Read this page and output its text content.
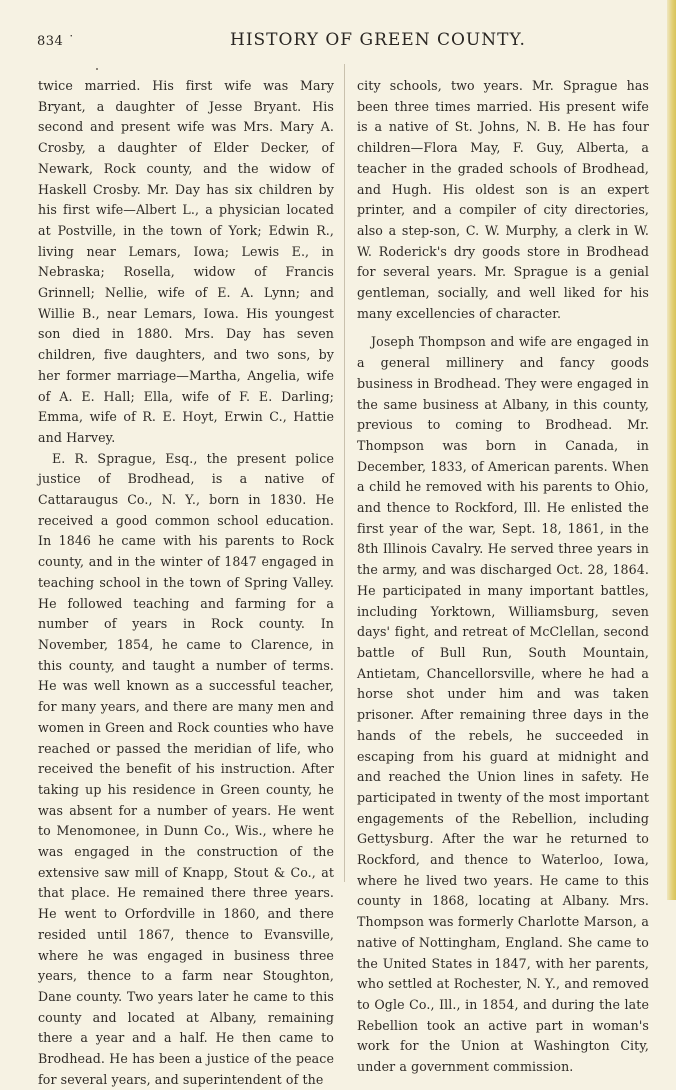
834 ˙	HISTORY OF GREEN COUNTY.

twice married. His first wife was Mary Bryant, a daughter of Jesse Bryant. His second and present wife was Mrs. Mary A. Crosby, a daughter of Elder Decker, of Newark, Rock county, and the widow of Haskell Crosby. Mr. Day has six children by his first wife—Albert L., a physician located at Postville, in the town of York; Edwin R., living near Lemars, Iowa; Lewis E., in Nebraska; Rosella, widow of Francis Grinnell; Nellie, wife of E. A. Lynn; and Willie B., near Lemars, Iowa. His youngest son died in 1880. Mrs. Day has seven children, five daughters, and two sons, by her former marriage—Martha, Angelia, wife of A. E. Hall; Ella, wife of F. E. Darling; Emma, wife of R. E. Hoyt, Erwin C., Hattie and Harvey.

E. R. Sprague, Esq., the present police justice of Brodhead, is a native of Cattaraugus Co., N. Y., born in 1830. He received a good common school education. In 1846 he came with his parents to Rock county, and in the winter of 1847 engaged in teaching school in the town of Spring Valley. He followed teaching and farming for a number of years in Rock county. In November, 1854, he came to Clarence, in this county, and taught a number of terms. He was well known as a successful teacher, for many years, and there are many men and women in Green and Rock counties who have reached or passed the meridian of life, who received the benefit of his instruction. After taking up his residence in Green county, he was absent for a number of years. He went to Menomonee, in Dunn Co., Wis., where he was engaged in the construction of the extensive saw mill of Knapp, Stout & Co., at that place. He remained there three years. He went to Orfordville in 1860, and there resided until 1867, thence to Evansville, where he was engaged in business three years, thence to a farm near Stoughton, Dane county. Two years later he came to this county and located at Albany, remaining there a year and a half. He then came to Brodhead. He has been a justice of the peace for several years, and superintendent of the

city schools, two years. Mr. Sprague has been three times married. His present wife is a native of St. Johns, N. B. He has four children—Flora May, F. Guy, Alberta, a teacher in the graded schools of Brodhead, and Hugh. His oldest son is an expert printer, and a compiler of city directories, also a step-son, C. W. Murphy, a clerk in W. W. Roderick's dry goods store in Brodhead for several years. Mr. Sprague is a genial gentleman, socially, and well liked for his many excellencies of character.

Joseph Thompson and wife are engaged in a general millinery and fancy goods business in Brodhead. They were engaged in the same business at Albany, in this county, previous to coming to Brodhead. Mr. Thompson was born in Canada, in December, 1833, of American parents. When a child he removed with his parents to Ohio, and thence to Rockford, Ill. He enlisted the first year of the war, Sept. 18, 1861, in the 8th Illinois Cavalry. He served three years in the army, and was discharged Oct. 28, 1864. He participated in many important battles, including Yorktown, Williamsburg, seven days' fight, and retreat of McClellan, second battle of Bull Run, South Mountain, Antietam, Chancellorsville, where he had a horse shot under him and was taken prisoner. After remaining three days in the hands of the rebels, he succeeded in escaping from his guard at midnight and and reached the Union lines in safety. He participated in twenty of the most important engagements of the Rebellion, including Gettysburg. After the war he returned to Rockford, and thence to Waterloo, Iowa, where he lived two years. He came to this county in 1868, locating at Albany. Mrs. Thompson was formerly Charlotte Marson, a native of Nottingham, England. She came to the United States in 1847, with her parents, who settled at Rochester, N. Y., and removed to Ogle Co., Ill., in 1854, and during the late Rebellion took an active part in woman's work for the Union at Washington City, under a government commission.
